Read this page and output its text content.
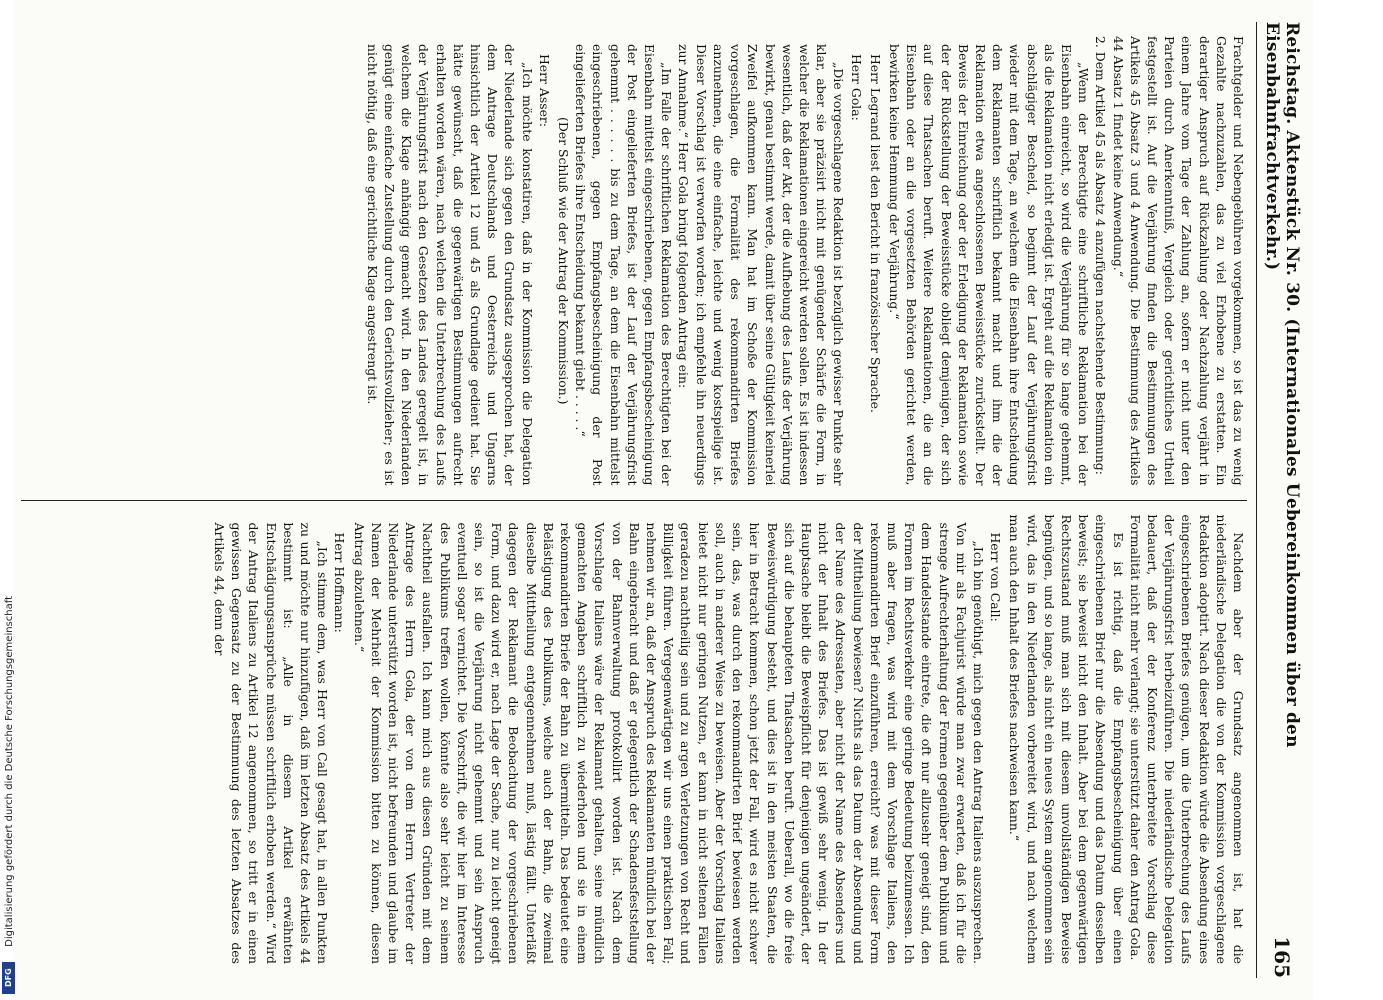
Reichstag. Aktenstück Nr. 30. (Internationales Uebereinkommen über den Eisenbahnfrachtverkehr.)
165

Frachtgelder und Nebengebühren vorgekommen, so ist das zu wenig Gezahlte nachzuzahlen, das zu viel Erhobene zu erstatten. Ein derartiger Anspruch auf Rückzahlung oder Nachzahlung verjährt in einem Jahre vom Tage der Zahlung an, sofern er nicht unter den Parteien durch Anerkenntniß, Vergleich oder gerichtliches Urtheil festgestellt ist. Auf die Verjährung finden die Bestimmungen des Artikels 45 Absatz 3 und 4 Anwendung. Die Bestimmung des Artikels 44 Absatz 1 findet keine Anwendung.“

2. Dem Artikel 45 als Absatz 4 anzufügen nachstehende Bestimmung:

„Wenn der Berechtigte eine schriftliche Reklamation bei der Eisenbahn einreicht, so wird die Verjährung für so lange gehemmt, als die Reklamation nicht erledigt ist. Ergeht auf die Reklamation ein abschlägiger Bescheid, so beginnt der Lauf der Verjährungsfrist wieder mit dem Tage, an welchem die Eisenbahn ihre Entscheidung dem Reklamanten schriftlich bekannt macht und ihm die der Reklamation etwa angeschlossenen Beweisstücke zurückstellt. Der Beweis der Einreichung oder der Erledigung der Reklamation sowie der der Rückstellung der Beweisstücke obliegt demjenigen, der sich auf diese Thatsachen beruft. Weitere Reklamationen, die an die Eisenbahn oder an die vorgesetzten Behörden gerichtet werden, bewirken keine Hemmung der Verjährung.“

Herr Legrand liest den Bericht in französischer Sprache.

Herr Gola:

„Die vorgeschlagene Redaktion ist bezüglich gewisser Punkte sehr klar, aber sie präzisirt nicht mit genügender Schärfe die Form, in welcher die Reklamationen eingereicht werden sollen. Es ist indessen wesentlich, daß der Akt, der die Aufhebung des Laufs der Verjährung bewirkt, genau bestimmt werde, damit über seine Gültigkeit keinerlei Zweifel aufkommen kann. Man hat im Schoße der Kommission vorgeschlagen, die Formalität des rekommandirten Briefes anzunehmen, die eine einfache, leichte und wenig kostspielige ist. Dieser Vorschlag ist verworfen worden; ich empfehle ihn neuerdings zur Annahme.“ Herr Gola bringt folgenden Antrag ein:

„Im Falle der schriftlichen Reklamation des Berechtigten bei der Eisenbahn mittelst eingeschriebenen, gegen Empfangsbescheinigung der Post eingelieferten Briefes, ist der Lauf der Verjährungsfrist gehemmt . . . . . . bis zu dem Tage, an dem die Eisenbahn mittelst eingeschriebenen, gegen Empfangsbescheinigung der Post eingelieferten Briefes ihre Entscheidung bekannt giebt . . . . .“

(Der Schluß wie der Antrag der Kommission.)

Herr Asser:

„Ich möchte konstatiren, daß in der Kommission die Delegation der Niederlande sich gegen den Grundsatz ausgesprochen hat, der dem Antrage Deutschlands und Oesterreichs und Ungarns hinsichtlich der Artikel 12 und 45 als Grundlage gedient hat. Sie hätte gewünscht, daß die gegenwärtigen Bestimmungen aufrecht erhalten worden wären, nach welchen die Unterbrechung des Laufs der Verjährungsfrist nach den Gesetzen des Landes geregelt ist, in welchem die Klage anhängig gemacht wird. In den Niederlanden genügt eine einfache Zustellung durch den Gerichtsvollzieher; es ist nicht nöthig, daß eine gerichtliche Klage angestrengt ist.

Nachdem aber der Grundsatz angenommen ist, hat die niederländische Delegation die von der Kommission vorgeschlagene Redaktion adoptirt. Nach dieser Redaktion würde die Absendung eines eingeschriebenen Briefes genügen, um die Unterbrechung des Laufs der Verjährungsfrist herbeizuführen. Die niederländische Delegation bedauert, daß der der Konferenz unterbreitete Vorschlag diese Formalität nicht mehr verlangt; sie unterstützt daher den Antrag Gola.

Es ist richtig, daß die Empfangsbescheinigung über einen eingeschriebenen Brief nur die Absendung und das Datum desselben beweist; sie beweist nicht den Inhalt. Aber bei dem gegenwärtigen Rechtszustand muß man sich mit diesem unvollständigen Beweise begnügen, und so lange, als nicht ein neues System angenommen sein wird, das in den Niederlanden vorbereitet wird, und nach welchem man auch den Inhalt des Briefes nachweisen kann.“

Herr von Call:

„Ich bin genöthigt, mich gegen den Antrag Italiens auszusprechen. Von mir als Fachjurist würde man zwar erwarten, daß ich für die strenge Aufrechterhaltung der Formen gegenüber dem Publikum und dem Handelsstande eintrete, die oft nur allzusehr geneigt sind, den Formen im Rechtsverkehr eine geringe Bedeutung beizumessen. Ich muß aber fragen, was wird mit dem Vorschlage Italiens, den rekommandirten Brief einzuführen, erreicht? was mit dieser Form der Mittheilung bewiesen? Nichts als das Datum der Absendung und der Name des Adressaten, aber nicht der Name des Absenders und nicht der Inhalt des Briefes. Das ist gewiß sehr wenig. In der Hauptsache bleibt die Beweispflicht für denjenigen ungeändert, der sich auf die behaupteten Thatsachen beruft. Ueberall, wo die freie Beweiswürdigung besteht, und dies ist in den meisten Staaten, die hier in Betracht kommen, schon jetzt der Fall, wird es nicht schwer sein, das, was durch den rekommandirten Brief bewiesen werden soll, auch in anderer Weise zu beweisen. Aber der Vorschlag Italiens bietet nicht nur geringen Nutzen, er kann in nicht seltenen Fällen geradezu nachtheilig sein und zu argen Verletzungen von Recht und Billigkeit führen. Vergegenwärtigen wir uns einen praktischen Fall; nehmen wir an, daß der Anspruch des Reklamanten mündlich bei der Bahn eingebracht und daß er gelegentlich der Schadensfeststellung von der Bahnverwaltung protokollirt worden ist. Nach dem Vorschlage Italiens wäre der Reklamant gehalten, seine mündlich gemachten Angaben schriftlich zu wiederholen und sie in einem rekommandirten Briefe der Bahn zu übermitteln. Das bedeutet eine Belästigung des Publikums, welche auch der Bahn, die zweimal dieselbe Mittheilung entgegennehmen muß, lästig fällt. Unterläßt dagegen der Reklamant die Beobachtung der vorgeschriebenen Form, und dazu wird er, nach Lage der Sache, nur zu leicht geneigt sein, so ist die Verjährung nicht gehemmt und sein Anspruch eventuell sogar vernichtet. Die Vorschrift, die wir hier im Interesse des Publikums treffen wollen, könnte also sehr leicht zu seinem Nachtheil ausfallen. Ich kann mich aus diesen Gründen mit dem Antrage des Herrn Gola, der von dem Herrn Vertreter der Niederlande unterstützt worden ist, nicht befreunden und glaube im Namen der Mehrheit der Kommission bitten zu können, diesen Antrag abzulehnen.“

Herr Hoffmann:

„Ich stimme dem, was Herr von Call gesagt hat, in allen Punkten zu und möchte nur hinzufügen, daß im letzten Absatz des Artikels 44 bestimmt ist: „Alle in diesem Artikel erwähnten Entschädigungsansprüche müssen schriftlich erhoben werden.“ Wird der Antrag Italiens zu Artikel 12 angenommen, so tritt er in einen gewissen Gegensatz zu der Bestimmung des letzten Absatzes des Artikels 44, denn der

Digitalisierung gefördert durch die Deutsche Forschungsgemeinschaft
DFG
